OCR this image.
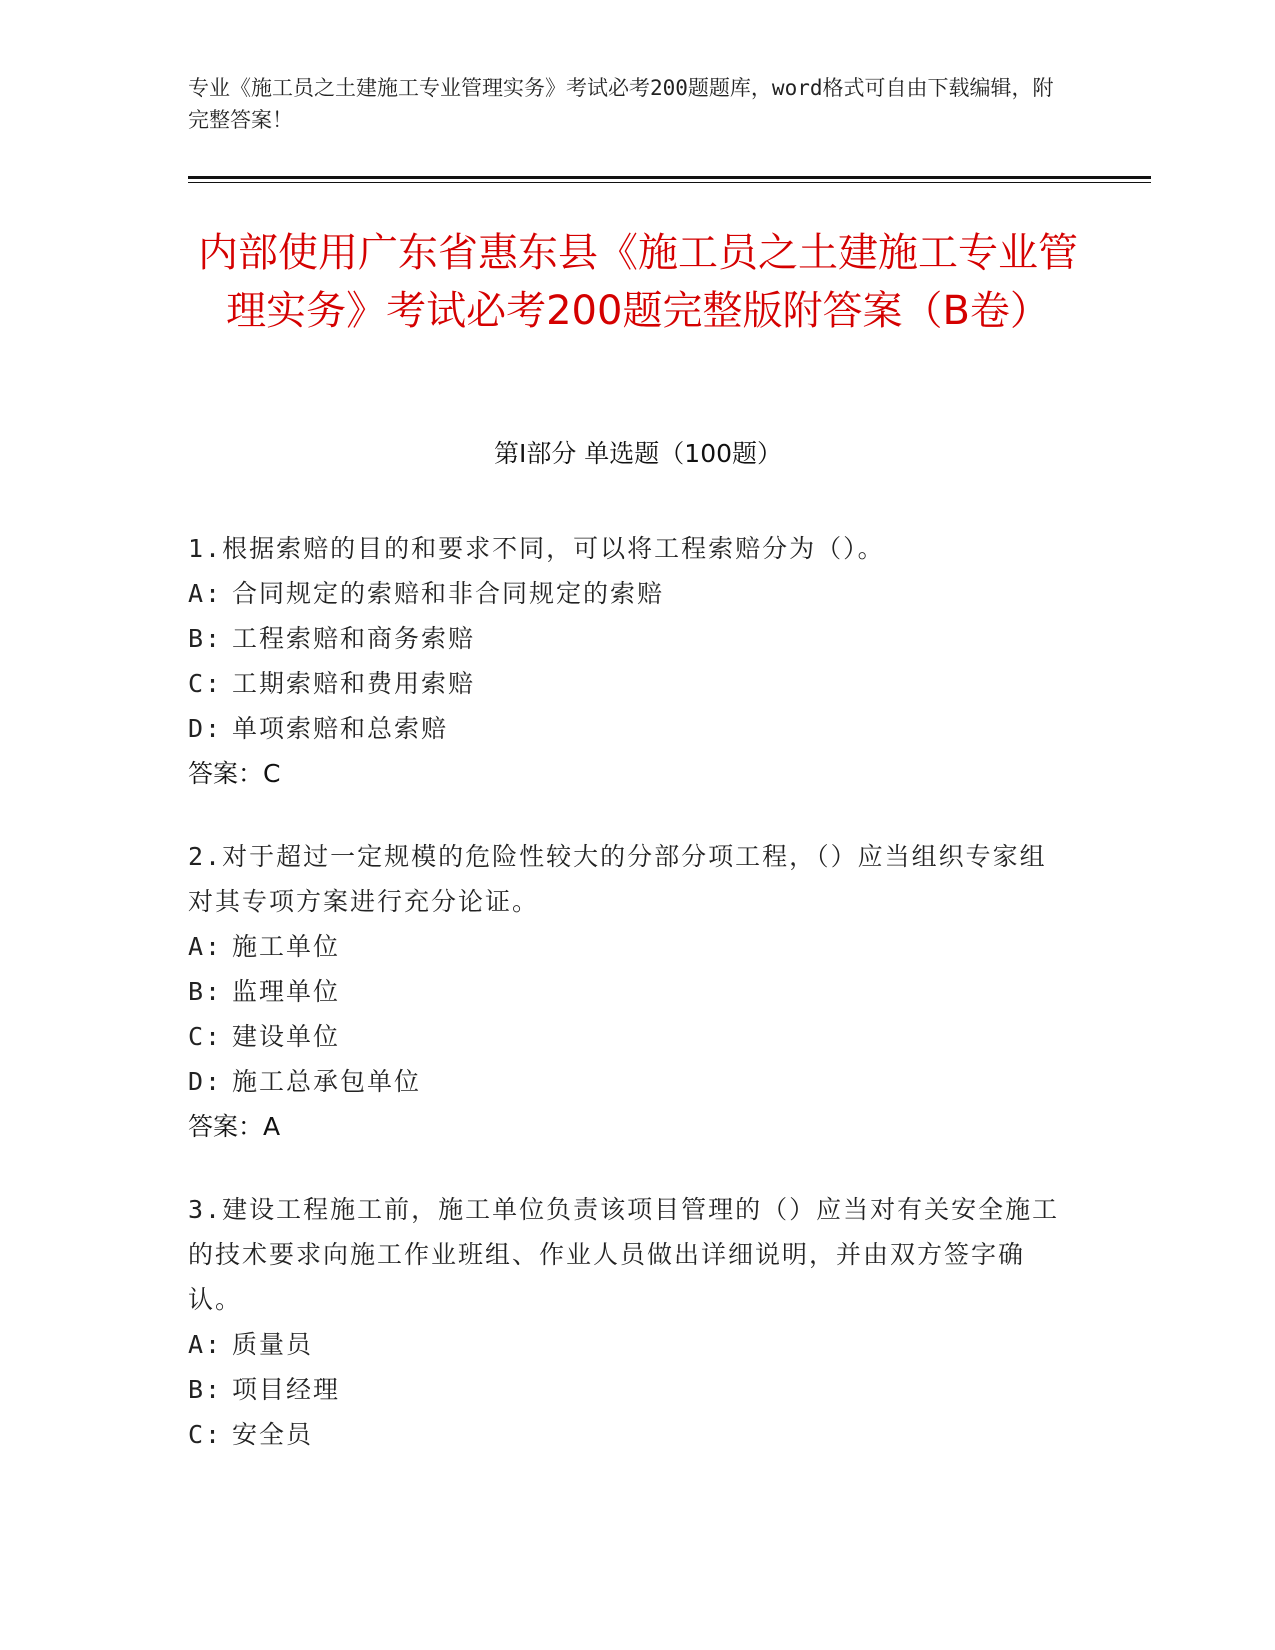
专业《施工员之土建施工专业管理实务》考试必考200题题库，word格式可自由下载编辑，附完整答案！
内部使用广东省惠东县《施工员之土建施工专业管理实务》考试必考200题完整版附答案（B卷）
第I部分 单选题（100题）
1.根据索赔的目的和要求不同，可以将工程索赔分为（）。
A: 合同规定的索赔和非合同规定的索赔
B: 工程索赔和商务索赔
C: 工期索赔和费用索赔
D: 单项索赔和总索赔
答案：C
2.对于超过一定规模的危险性较大的分部分项工程，（）应当组织专家组对其专项方案进行充分论证。
A: 施工单位
B: 监理单位
C: 建设单位
D: 施工总承包单位
答案：A
3.建设工程施工前，施工单位负责该项目管理的（）应当对有关安全施工的技术要求向施工作业班组、作业人员做出详细说明，并由双方签字确认。
A: 质量员
B: 项目经理
C: 安全员
